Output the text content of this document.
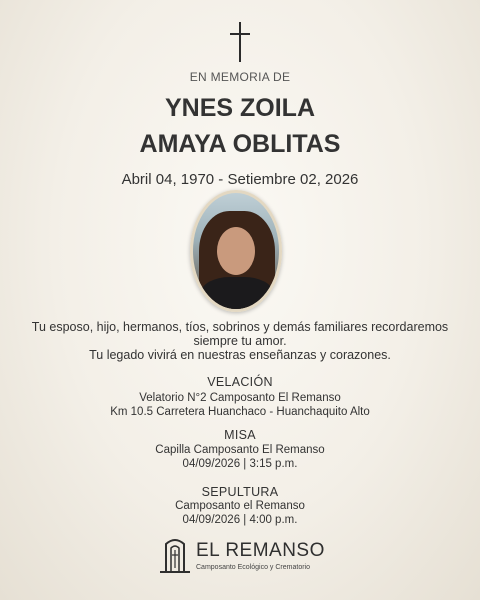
EN MEMORIA DE
YNES ZOILA
AMAYA OBLITAS
Abril 04, 1970 - Setiembre 02, 2026
Tu esposo, hijo, hermanos, tíos, sobrinos y demás familiares recordaremos
siempre tu amor.
Tu legado vivirá en nuestras enseñanzas y corazones.
VELACIÓN
Velatorio N°2 Camposanto El Remanso
Km 10.5 Carretera Huanchaco - Huanchaquito Alto
MISA
Capilla Camposanto El Remanso
04/09/2026 | 3:15 p.m.
SEPULTURA
Camposanto el Remanso
04/09/2026 | 4:00 p.m.
EL REMANSO
Camposanto Ecológico y Crematorio
